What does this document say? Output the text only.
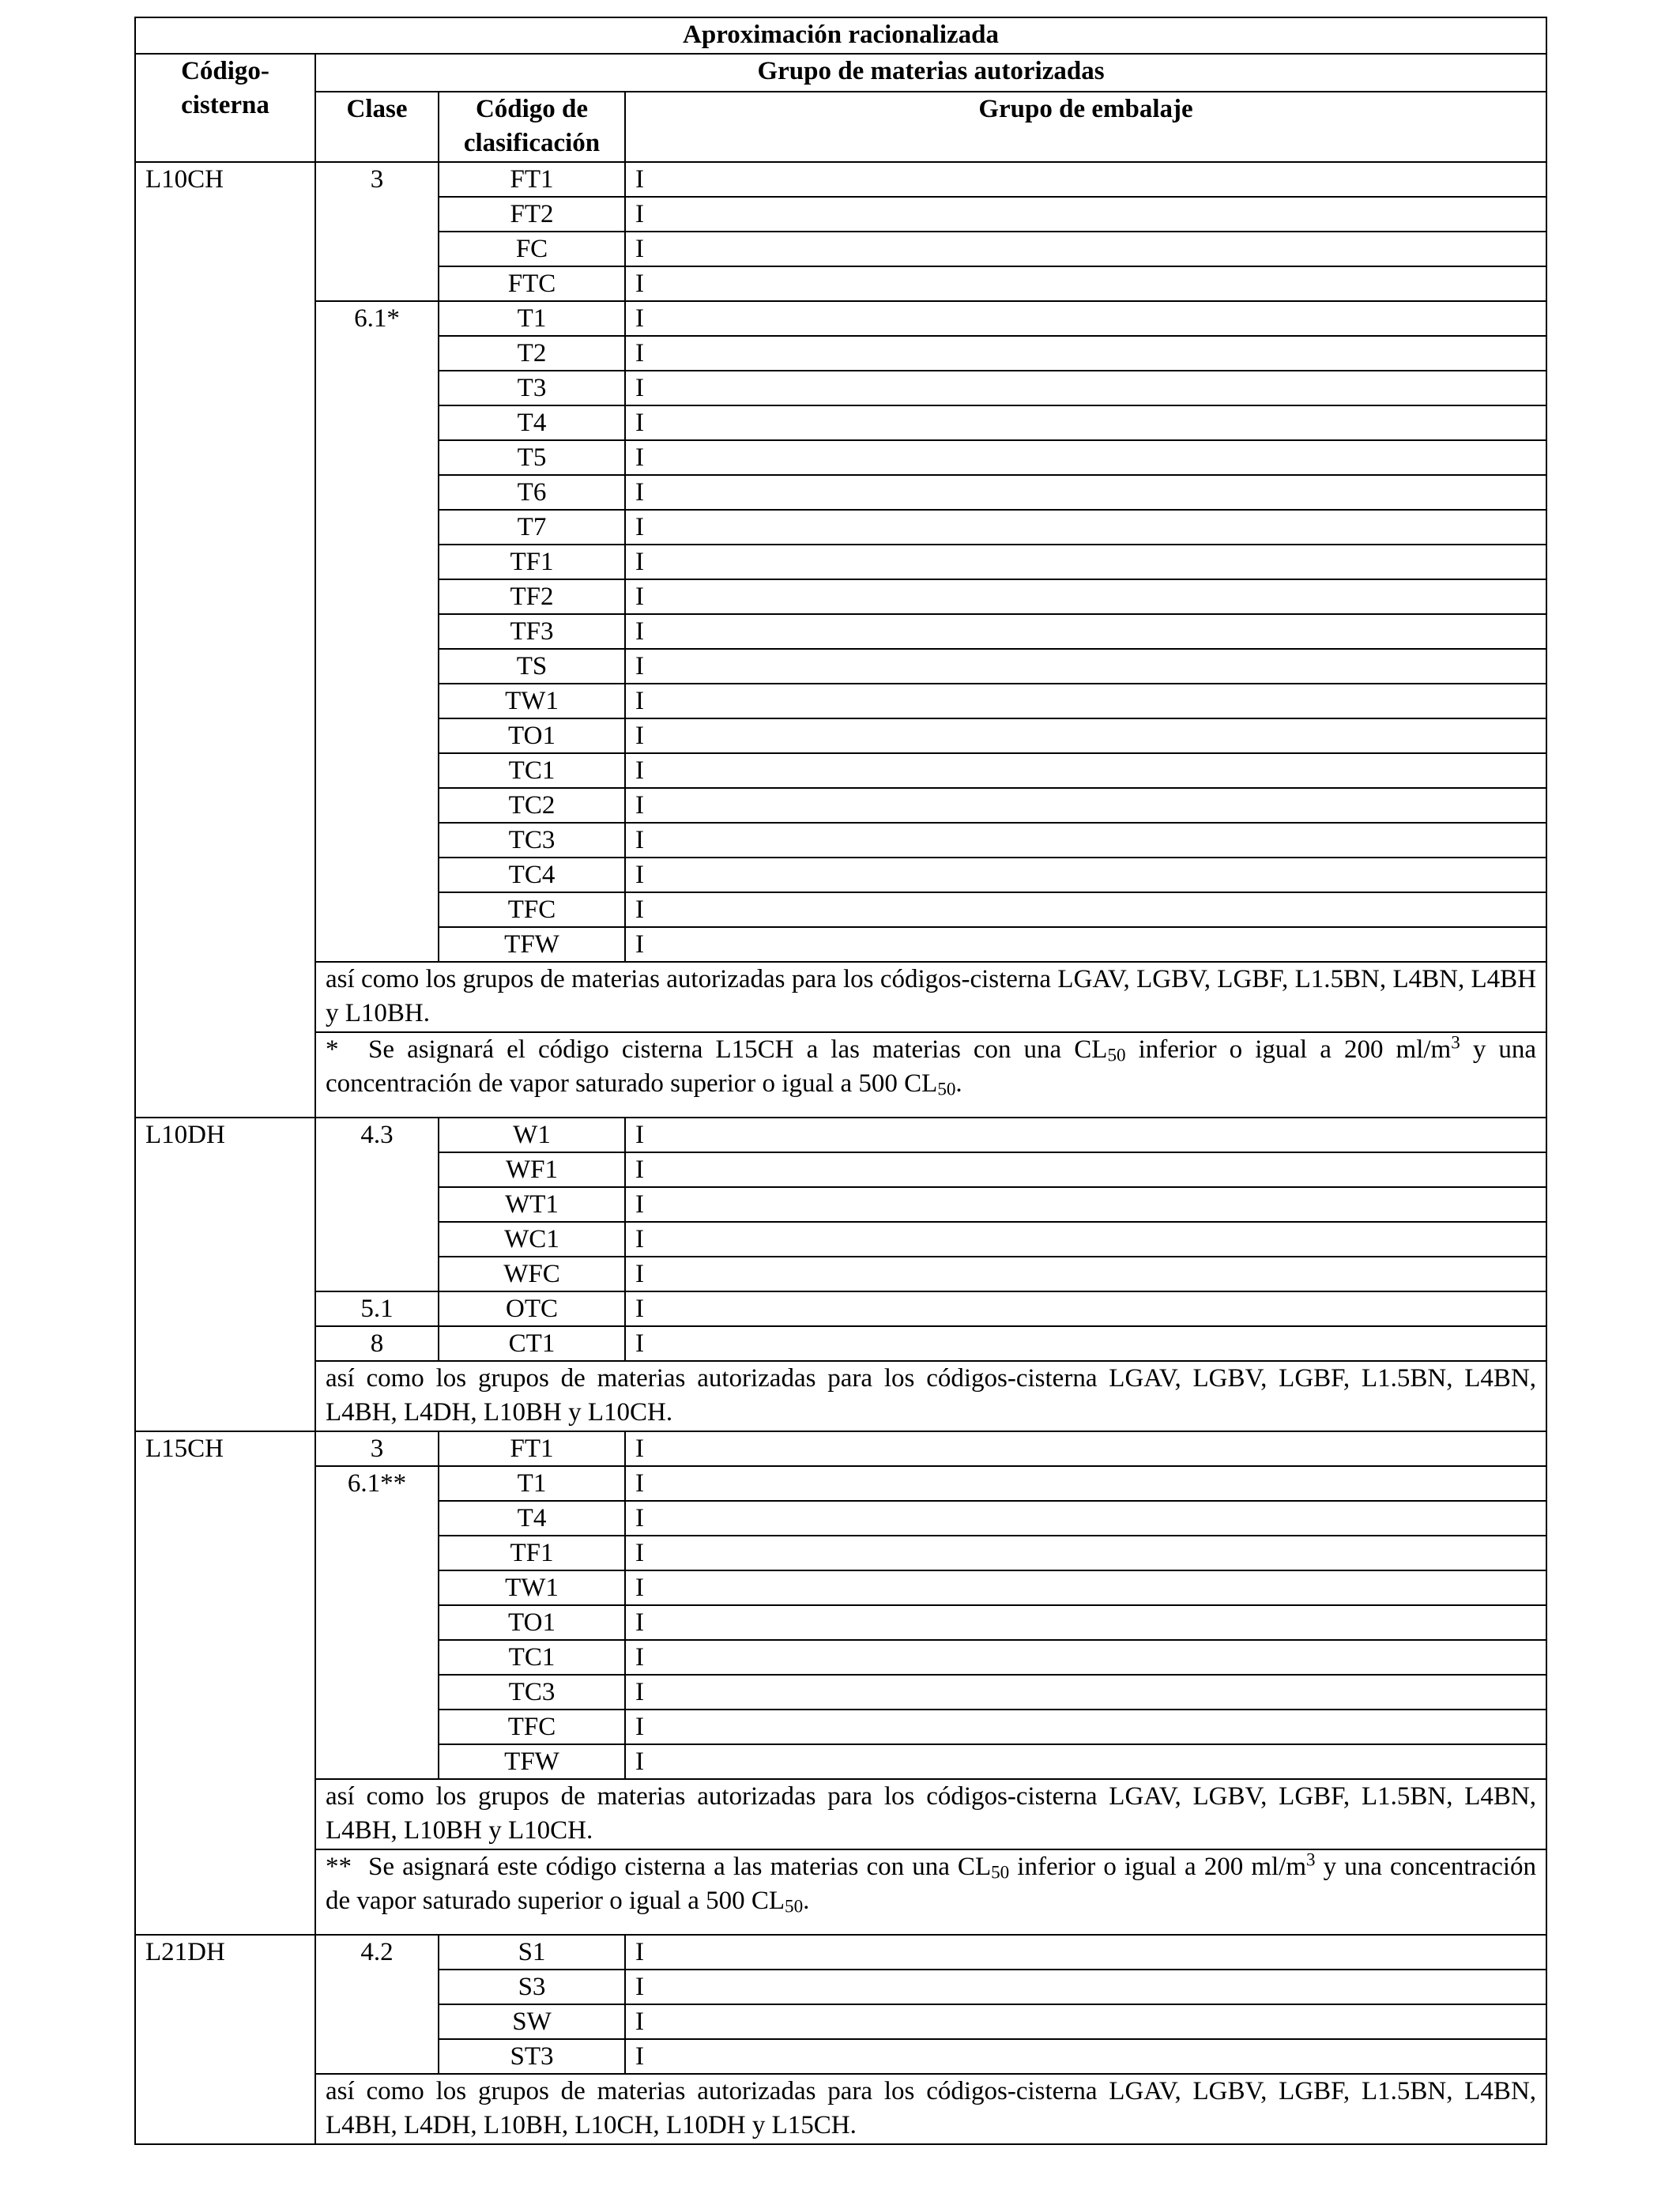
Aproximación racionalizada			
Código-cisterna	Grupo de materias autorizadas		
	Clase	Código de clasificación	Grupo de embalaje
L10CH	3	FT1	I
		FT2	I
		FC	I
		FTC	I
	6.1*	T1	I
		T2	I
		T3	I
		T4	I
		T5	I
		T6	I
		T7	I
		TF1	I
		TF2	I
		TF3	I
		TS	I
		TW1	I
		TO1	I
		TC1	I
		TC2	I
		TC3	I
		TC4	I
		TFC	I
		TFW	I
	así como los grupos de materias autorizadas para los códigos-cisterna LGAV, LGBV, LGBF, L1.5BN, L4BN, L4BH y L10BH.		
	* Se asignará el código cisterna L15CH a las materias con una $CL_{50}$ inferior o igual a 200 $ml/m^3$ y una concentración de vapor saturado superior o igual a 500 $CL_{50}$.		
L10DH	4.3	W1	I
		WF1	I
		WT1	I
		WC1	I
		WFC	I
	5.1	OTC	I
	8	CT1	I
	así como los grupos de materias autorizadas para los códigos-cisterna LGAV, LGBV, LGBF, L1.5BN, L4BN, L4BH, L4DH, L10BH y L10CH.		
L15CH	3	FT1	I
	6.1**	T1	I
		T4	I
		TF1	I
		TW1	I
		TO1	I
		TC1	I
		TC3	I
		TFC	I
		TFW	I
	así como los grupos de materias autorizadas para los códigos-cisterna LGAV, LGBV, LGBF, L1.5BN, L4BN, L4BH, L10BH y L10CH.		
	** Se asignará este código cisterna a las materias con una $CL_{50}$ inferior o igual a 200 $ml/m^3$ y una concentración de vapor saturado superior o igual a 500 $CL_{50}$.		
L21DH	4.2	S1	I
		S3	I
		SW	I
		ST3	I
	así como los grupos de materias autorizadas para los códigos-cisterna LGAV, LGBV, LGBF, L1.5BN, L4BN, L4BH, L4DH, L10BH, L10CH, L10DH y L15CH.		
